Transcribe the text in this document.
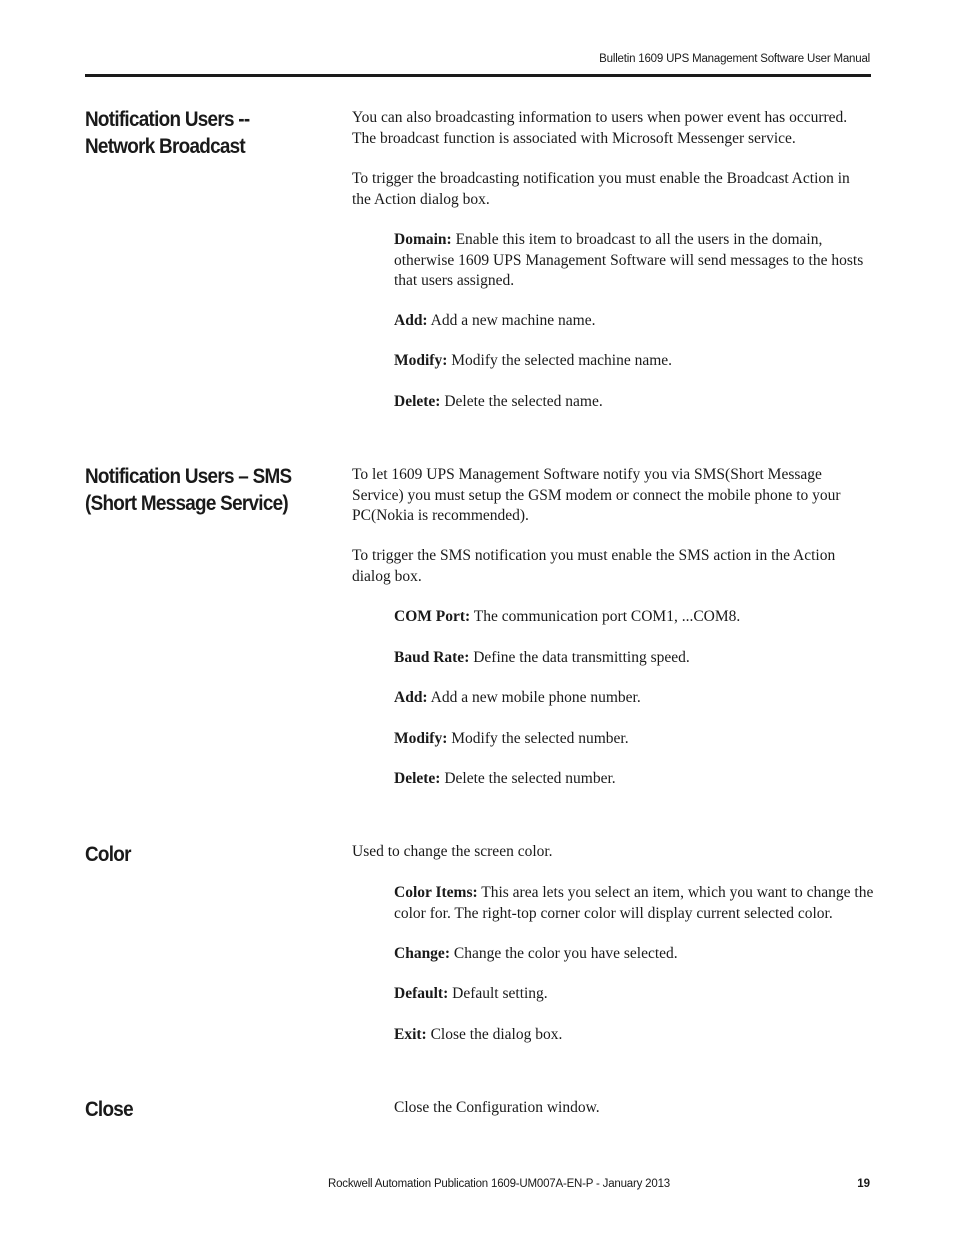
Bulletin 1609 UPS Management Software User Manual
Notification Users -- Network Broadcast
You can also broadcasting information to users when power event has occurred. The broadcast function is associated with Microsoft Messenger service.
To trigger the broadcasting notification you must enable the Broadcast Action in the Action dialog box.
Domain: Enable this item to broadcast to all the users in the domain, otherwise 1609 UPS Management Software will send messages to the hosts that users assigned.
Add: Add a new machine name.
Modify: Modify the selected machine name.
Delete: Delete the selected name.
Notification Users – SMS (Short Message Service)
To let 1609 UPS Management Software notify you via SMS(Short Message Service) you must setup the GSM modem or connect the mobile phone to your PC(Nokia is recommended).
To trigger the SMS notification you must enable the SMS action in the Action dialog box.
COM Port: The communication port COM1, ...COM8.
Baud Rate: Define the data transmitting speed.
Add: Add a new mobile phone number.
Modify: Modify the selected number.
Delete: Delete the selected number.
Color	Used to change the screen color.
Color Items: This area lets you select an item, which you want to change the color for. The right-top corner color will display current selected color.
Change: Change the color you have selected.
Default: Default setting.
Exit: Close the dialog box.
Close	Close the Configuration window.
Rockwell Automation Publication 1609-UM007A-EN-P - January 2013	19
